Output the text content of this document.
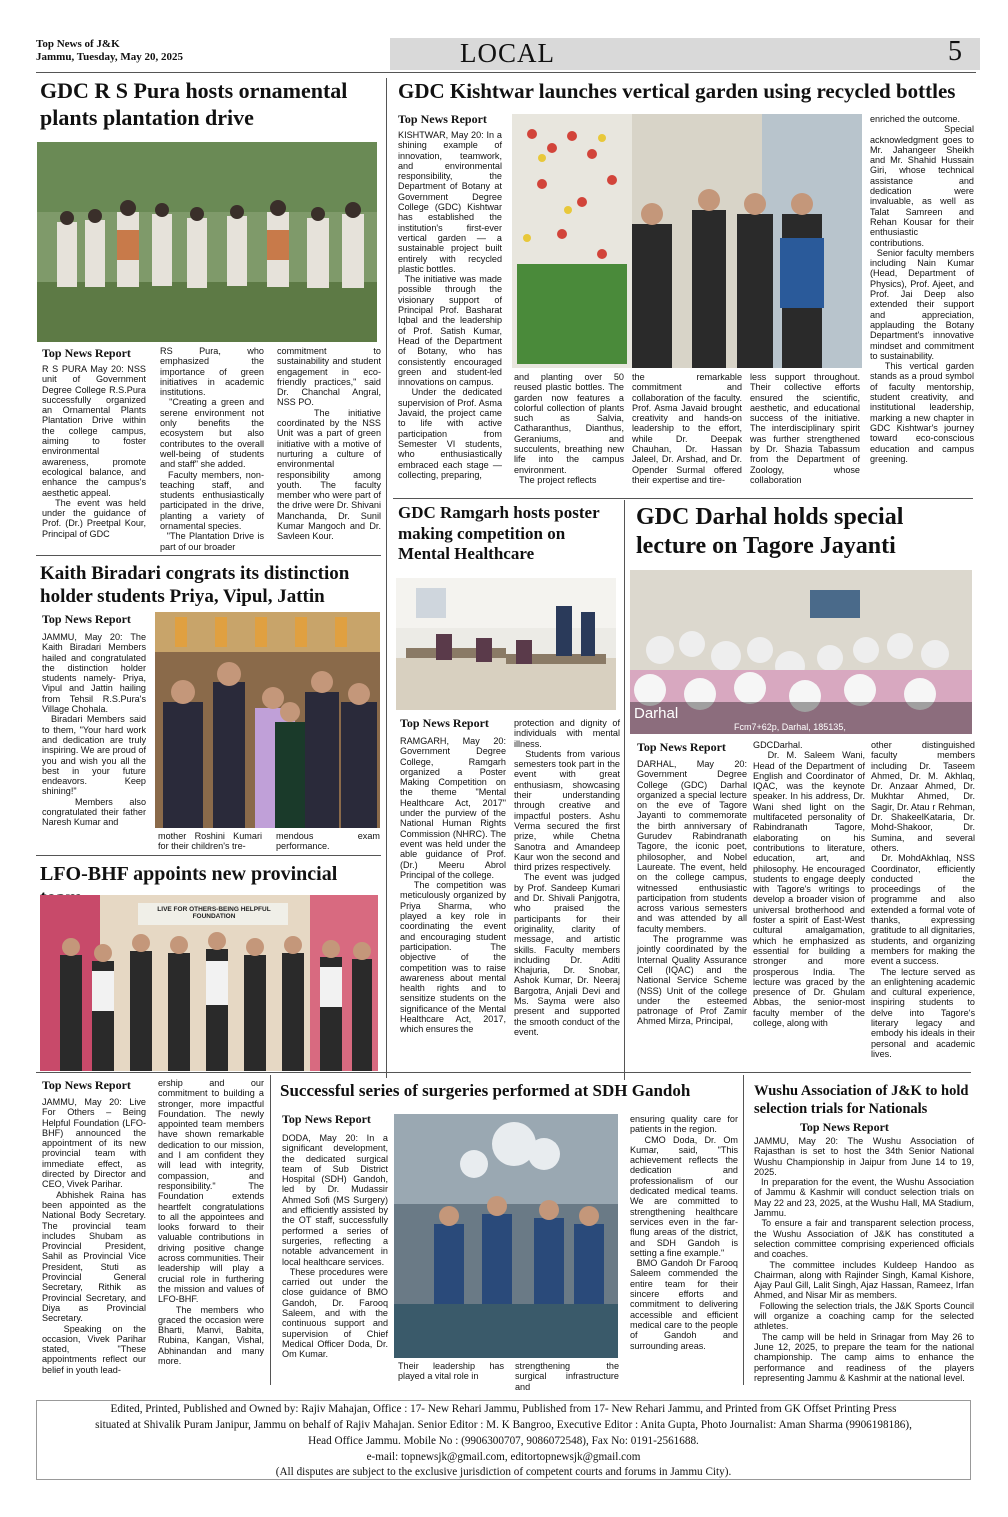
Top News of J&K
Jammu, Tuesday, May 20, 2025	LOCAL	5
GDC R S Pura hosts ornamental plants plantation drive
Top News Report
R S PURA May 20: NSS unit of Government Degree College R.S.Pura successfully organized an Ornamental Plants Plantation Drive within the college campus, aiming to foster environmental awareness, promote ecological balance, and enhance the campus's aesthetic appeal.
The event was held under the guidance of Prof. (Dr.) Preetpal Kour, Principal of GDC
RS Pura, who emphasized the importance of green initiatives in academic institutions.
"Creating a green and serene environment not only benefits the ecosystem but also contributes to the overall well-being of students and staff" she added.
Faculty members, non-teaching staff, and students enthusiastically participated in the drive, planting a variety of ornamental species.
"The Plantation Drive is part of our broader
commitment to sustainability and student engagement in eco-friendly practices," said Dr. Chanchal Angral, NSS PO.
The initiative coordinated by the NSS Unit was a part of green initiative with a motive of nurturing a culture of environmental responsibility among youth. The faculty member who were part of the drive were Dr. Shivani Manchanda, Dr. Sunil Kumar Mangoch and Dr. Savleen Kour.
GDC Kishtwar launches vertical garden using recycled bottles
Top News Report
KISHTWAR, May 20: In a shining example of innovation, teamwork, and environmental responsibility, the Department of Botany at Government Degree College (GDC) Kishtwar has established the institution's first-ever vertical garden — a sustainable project built entirely with recycled plastic bottles.
The initiative was made possible through the visionary support of Principal Prof. Basharat Iqbal and the leadership of Prof. Satish Kumar, Head of the Department of Botany, who has consistently encouraged green and student-led innovations on campus.
Under the dedicated supervision of Prof. Asma Javaid, the project came to life with active participation from Semester VI students, who enthusiastically embraced each stage — collecting, preparing,
and planting over 50 reused plastic bottles. The garden now features a colorful collection of plants such as Salvia, Catharanthus, Dianthus, Geraniums, and succulents, breathing new life into the campus environment.
The project reflects
the remarkable commitment and collaboration of the faculty. Prof. Asma Javaid brought creativity and hands-on leadership to the effort, while Dr. Deepak Chauhan, Dr. Hassan Jaleel, Dr. Arshad, and Dr. Opender Surmal offered their expertise and tire-
less support throughout. Their collective efforts ensured the scientific, aesthetic, and educational success of the initiative. The interdisciplinary spirit was further strengthened by Dr. Shazia Tabassum from the Department of Zoology, whose collaboration
enriched the outcome.
Special acknowledgment goes to Mr. Jahangeer Sheikh and Mr. Shahid Hussain Giri, whose technical assistance and dedication were invaluable, as well as Talat Samreen and Rehan Kousar for their enthusiastic contributions.
Senior faculty members including Nain Kumar (Head, Department of Physics), Prof. Ajeet, and Prof. Jai Deep also extended their support and appreciation, applauding the Botany Department's innovative mindset and commitment to sustainability.
This vertical garden stands as a proud symbol of faculty mentorship, student creativity, and institutional leadership, marking a new chapter in GDC Kishtwar's journey toward eco-conscious education and campus greening.
Kaith Biradari congrats its distinction holder students Priya, Vipul, Jattin
Top News Report
JAMMU, May 20: The Kaith Biradari Members hailed and congratulated the distinction holder students namely- Priya, Vipul and Jattin hailing from Tehsil R.S.Pura's Village Chohala.
Biradari Members said to them, "Your hard work and dedication are truly inspiring. We are proud of you and wish you all the best in your future endeavors. Keep shining!"
Members also congratulated their father Naresh Kumar and
mother Roshini Kumari for their children's tre-
mendous exam performance.
GDC Ramgarh hosts poster making competition on Mental Healthcare
Top News Report
RAMGARH, May 20: Government Degree College, Ramgarh organized a Poster Making Competition on the theme "Mental Healthcare Act, 2017" under the purview of the National Human Rights Commission (NHRC). The event was held under the able guidance of Prof. (Dr.) Meeru Abrol Principal of the college.
The competition was meticulously organized by Priya Sharma, who played a key role in coordinating the event and encouraging student participation. The objective of the competition was to raise awareness about mental health rights and to sensitize students on the significance of the Mental Healthcare Act, 2017, which ensures the
protection and dignity of individuals with mental illness.
Students from various semesters took part in the event with great enthusiasm, showcasing their understanding through creative and impactful posters. Ashu Verma secured the first prize, while Chetna Sanotra and Amandeep Kaur won the second and third prizes respectively.
The event was judged by Prof. Sandeep Kumari and Dr. Shivali Panjgotra, who praised the participants for their originality, clarity of message, and artistic skills. Faculty members including Dr. Aditi Khajuria, Dr. Snobar, Ashok Kumar, Dr. Neeraj Bargotra, Anjali Devi and Ms. Sayma were also present and supported the smooth conduct of the event.
GDC Darhal holds special lecture on Tagore Jayanti
Darhal
Fcm7+62p, Darhal, 185135,
Top News Report
DARHAL, May 20: Government Degree College (GDC) Darhal organized a special lecture on the eve of Tagore Jayanti to commemorate the birth anniversary of Gurudev Rabindranath Tagore, the iconic poet, philosopher, and Nobel Laureate. The event, held on the college campus, witnessed enthusiastic participation from students across various semesters and was attended by all faculty members.
The programme was jointly coordinated by the Internal Quality Assurance Cell (IQAC) and the National Service Scheme (NSS) Unit of the college under the esteemed patronage of Prof Zamir Ahmed Mirza, Principal,
GDCDarhal.
Dr. M. Saleem Wani, Head of the Department of English and Coordinator of IQAC, was the keynote speaker. In his address, Dr. Wani shed light on the multifaceted personality of Rabindranath Tagore, elaborating on his contributions to literature, education, art, and philosophy. He encouraged students to engage deeply with Tagore's writings to develop a broader vision of universal brotherhood and foster a spirit of East-West cultural amalgamation, which he emphasized as essential for building a stronger and more prosperous India. The lecture was graced by the presence of Dr. Ghulam Abbas, the senior-most faculty member of the college, along with
other distinguished faculty members including Dr. Taseem Ahmed, Dr. M. Akhlaq, Dr. Anzaar Ahmed, Dr. Mukhtar Ahmed, Dr. Sagir, Dr. Atau r Rehman, Dr. ShakeelKataria, Dr. Mohd-Shakoor, Dr. Sumina, and several others.
Dr. MohdAkhlaq, NSS Coordinator, efficiently conducted the proceedings of the programme and also extended a formal vote of thanks, expressing gratitude to all dignitaries, students, and organizing members for making the event a success.
The lecture served as an enlightening academic and cultural experience, inspiring students to delve into Tagore's literary legacy and embody his ideals in their personal and academic lives.
LFO-BHF appoints new provincial
LIVE FOR OTHERS-BEING HELPFUL FOUNDATION
Top News Report
JAMMU, May 20: Live For Others – Being Helpful Foundation (LFO-BHF) announced the appointment of its new provincial team with immediate effect, as directed by Director and CEO, Vivek Parihar.
Abhishek Raina has been appointed as the National Body Secretary. The provincial team includes Shubam as Provincial President, Sahil as Provincial Vice President, Stuti as Provincial General Secretary, Rithik as Provincial Secretary, and Diya as Provincial Secretary.
Speaking on the occasion, Vivek Parihar stated, "These appointments reflect our belief in youth lead-
ership and our commitment to building a stronger, more impactful Foundation. The newly appointed team members have shown remarkable dedication to our mission, and I am confident they will lead with integrity, compassion, and responsibility." The Foundation extends heartfelt congratulations to all the appointees and looks forward to their valuable contributions in driving positive change across communities. Their leadership will play a crucial role in furthering the mission and values of LFO-BHF.
The members who graced the occasion were Bharti, Manvi, Babita, Rubina, Kangan, Vishal, Abhinandan and many more.
Successful series of surgeries performed at SDH Gandoh
Top News Report
DODA, May 20: In a significant development, the dedicated surgical team of Sub District Hospital (SDH) Gandoh, led by Dr. Mudassir Ahmed Sofi (MS Surgery) and efficiently assisted by the OT staff, successfully performed a series of surgeries, reflecting a notable advancement in local healthcare services.
These procedures were carried out under the close guidance of BMO Gandoh, Dr. Farooq Saleem, and with the continuous support and supervision of Chief Medical Officer Doda, Dr. Om Kumar.
Their leadership has played a vital role in
strengthening the surgical infrastructure and
ensuring quality care for patients in the region.
CMO Doda, Dr. Om Kumar, said, "This achievement reflects the dedication and professionalism of our dedicated medical teams. We are committed to strengthening healthcare services even in the far-flung areas of the district, and SDH Gandoh is setting a fine example."
BMO Gandoh Dr Farooq Saleem commended the entire team for their sincere efforts and commitment to delivering accessible and efficient medical care to the people of Gandoh and surrounding areas.
Wushu Association of J&K to hold selection trials for Nationals
Top News Report
JAMMU, May 20: The Wushu Association of Rajasthan is set to host the 34th Senior National Wushu Championship in Jaipur from June 14 to 19, 2025.
In preparation for the event, the Wushu Association of Jammu & Kashmir will conduct selection trials on May 22 and 23, 2025, at the Wushu Hall, MA Stadium, Jammu.
To ensure a fair and transparent selection process, the Wushu Association of J&K has constituted a selection committee comprising experienced officials and coaches.
The committee includes Kuldeep Handoo as Chairman, along with Rajinder Singh, Kamal Kishore, Ajay Paul Gill, Lalit Singh, Ajaz Hassan, Rameez, Irfan Ahmed, and Nisar Mir as members.
Following the selection trials, the J&K Sports Council will organize a coaching camp for the selected athletes.
The camp will be held in Srinagar from May 26 to June 12, 2025, to prepare the team for the national championship. The camp aims to enhance the performance and readiness of the players representing Jammu & Kashmir at the national level.
Edited, Printed, Published and Owned by: Rajiv Mahajan, Office : 17- New Rehari Jammu, Published from 17- New Rehari Jammu, and Printed from GK Offset Printing Press
situated at Shivalik Puram Janipur, Jammu on behalf of Rajiv Mahajan. Senior Editor : M. K Bangroo, Executive Editor : Anita Gupta, Photo Journalist: Aman Sharma (9906198186),
Head Office Jammu. Mobile No : (9906300707, 9086072548), Fax No: 0191-2561688.
e-mail: topnewsjk@gmail.com, editortopnewsjk@gmail.com
(All disputes are subject to the exclusive jurisdiction of competent courts and forums in Jammu City).
